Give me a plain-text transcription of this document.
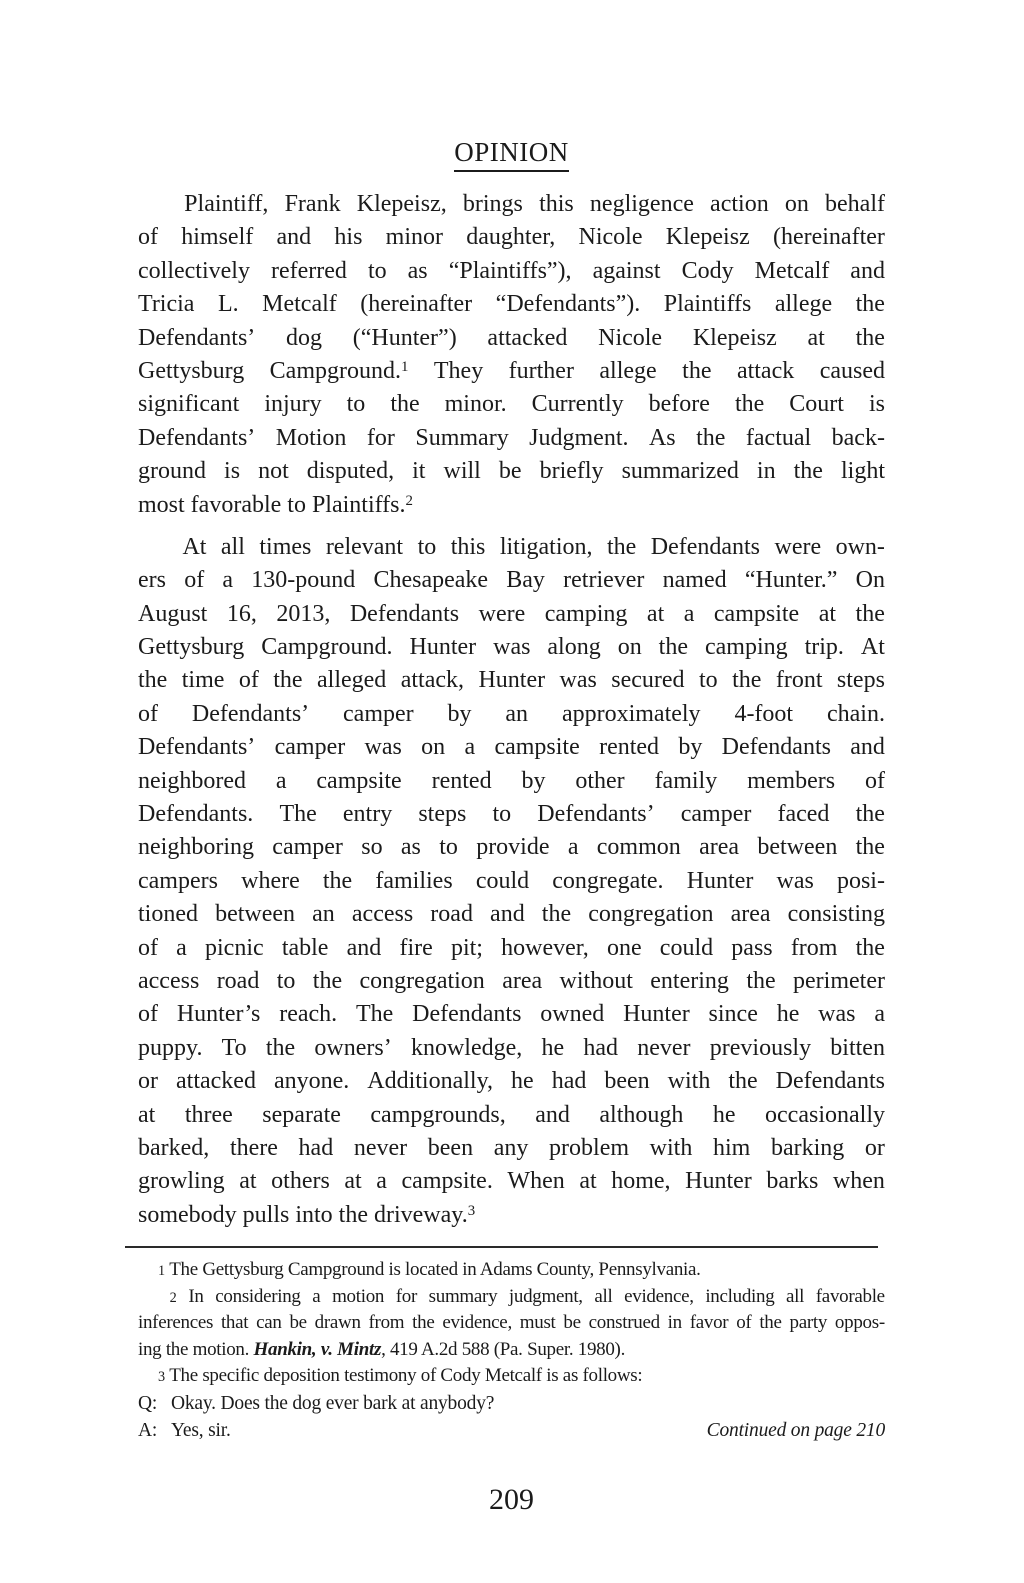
OPINION
Plaintiff, Frank Klepeisz, brings this negligence action on behalf
of himself and his minor daughter, Nicole Klepeisz (hereinafter
collectively referred to as “Plaintiffs”), against Cody Metcalf and
Tricia L. Metcalf (hereinafter “Defendants”). Plaintiffs allege the
Defendants’ dog (“Hunter”) attacked Nicole Klepeisz at the
Gettysburg Campground.$^1$ They further allege the attack caused
significant injury to the minor. Currently before the Court is
Defendants’ Motion for Summary Judgment. As the factual back-
ground is not disputed, it will be briefly summarized in the light
most favorable to Plaintiffs.$^2$
At all times relevant to this litigation, the Defendants were own-
ers of a 130-pound Chesapeake Bay retriever named “Hunter.” On
August 16, 2013, Defendants were camping at a campsite at the
Gettysburg Campground. Hunter was along on the camping trip. At
the time of the alleged attack, Hunter was secured to the front steps
of Defendants’ camper by an approximately 4-foot chain.
Defendants’ camper was on a campsite rented by Defendants and
neighbored a campsite rented by other family members of
Defendants. The entry steps to Defendants’ camper faced the
neighboring camper so as to provide a common area between the
campers where the families could congregate. Hunter was posi-
tioned between an access road and the congregation area consisting
of a picnic table and fire pit; however, one could pass from the
access road to the congregation area without entering the perimeter
of Hunter’s reach. The Defendants owned Hunter since he was a
puppy. To the owners’ knowledge, he had never previously bitten
or attacked anyone. Additionally, he had been with the Defendants
at three separate campgrounds, and although he occasionally
barked, there had never been any problem with him barking or
growling at others at a campsite. When at home, Hunter barks when
somebody pulls into the driveway.$^3$
1 The Gettysburg Campground is located in Adams County, Pennsylvania.
2 In considering a motion for summary judgment, all evidence, including all favorable
inferences that can be drawn from the evidence, must be construed in favor of the party oppos-
ing the motion. Hankin, v. Mintz, 419 A.2d 588 (Pa. Super. 1980).
3 The specific deposition testimony of Cody Metcalf is as follows:
Q: Okay. Does the dog ever bark at anybody?
A: Yes, sir.	Continued on page 210
209
